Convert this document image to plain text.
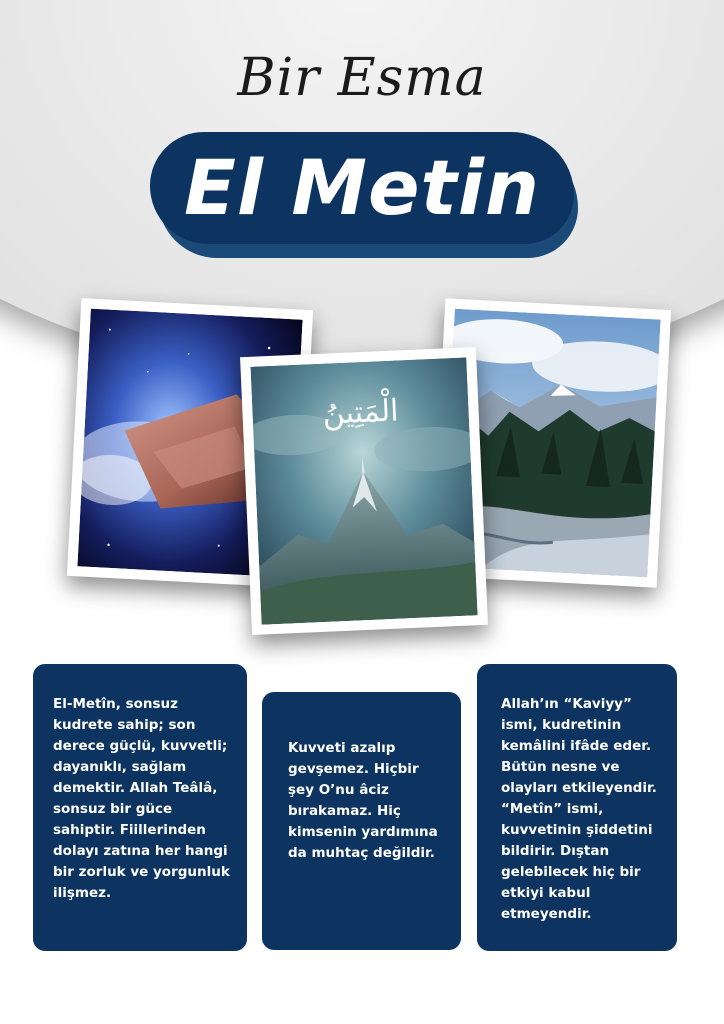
Bir Esma
El Metin
الْمَتِينُ
El-Metîn, sonsuz kudrete sahip; son derece güçlü, kuvvetli; dayanıklı, sağlam demektir. Allah Teâlâ, sonsuz bir güce sahiptir. Fiillerinden dolayı zatına her hangi bir zorluk ve yorgunluk ilişmez.
Kuvveti azalıp gevşemez. Hiçbir şey O’nu âciz bırakamaz. Hiç kimsenin yardımına da muhtaç değildir.
Allah’ın “Kaviyy” ismi, kudretinin kemâlini ifâde eder. Bütün nesne ve olayları etkileyendir. “Metîn” ismi, kuvvetinin şiddetini bildirir. Dıştan gelebilecek hiç bir etkiyi kabul etmeyendir.
